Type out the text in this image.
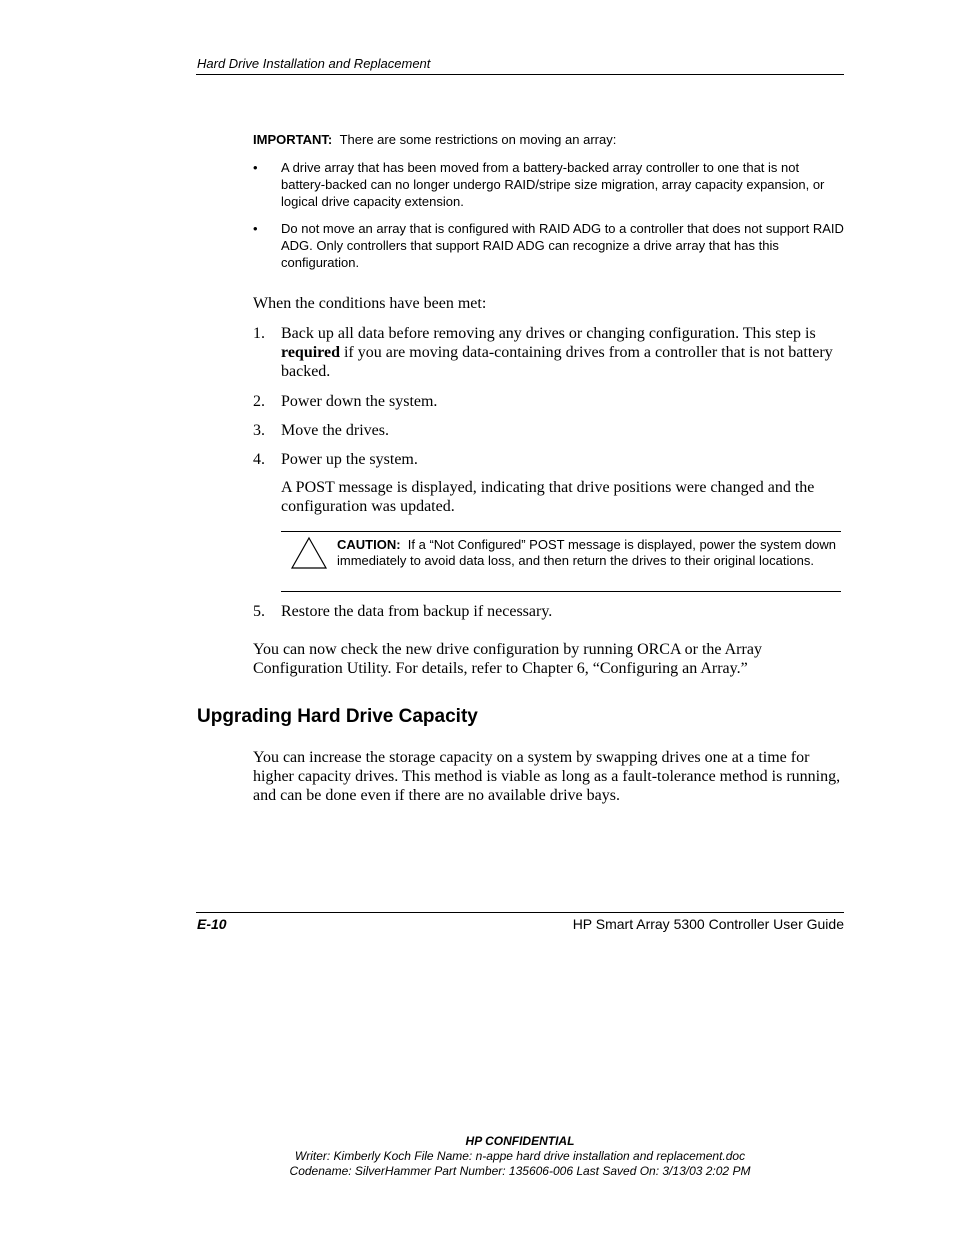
Hard Drive Installation and Replacement
IMPORTANT: There are some restrictions on moving an array:
• A drive array that has been moved from a battery-backed array controller to one that is not battery-backed can no longer undergo RAID/stripe size migration, array capacity expansion, or logical drive capacity extension.
• Do not move an array that is configured with RAID ADG to a controller that does not support RAID ADG. Only controllers that support RAID ADG can recognize a drive array that has this configuration.
When the conditions have been met:
1. Back up all data before removing any drives or changing configuration. This step is required if you are moving data-containing drives from a controller that is not battery backed.
2. Power down the system.
3. Move the drives.
4. Power up the system.
A POST message is displayed, indicating that drive positions were changed and the configuration was updated.
CAUTION: If a “Not Configured” POST message is displayed, power the system down immediately to avoid data loss, and then return the drives to their original locations.
5. Restore the data from backup if necessary.
You can now check the new drive configuration by running ORCA or the Array Configuration Utility. For details, refer to Chapter 6, “Configuring an Array.”
Upgrading Hard Drive Capacity
You can increase the storage capacity on a system by swapping drives one at a time for higher capacity drives. This method is viable as long as a fault-tolerance method is running, and can be done even if there are no available drive bays.
E-10	HP Smart Array 5300 Controller User Guide
HP CONFIDENTIAL
Writer: Kimberly Koch File Name: n-appe hard drive installation and replacement.doc
Codename: SilverHammer Part Number: 135606-006 Last Saved On: 3/13/03 2:02 PM
